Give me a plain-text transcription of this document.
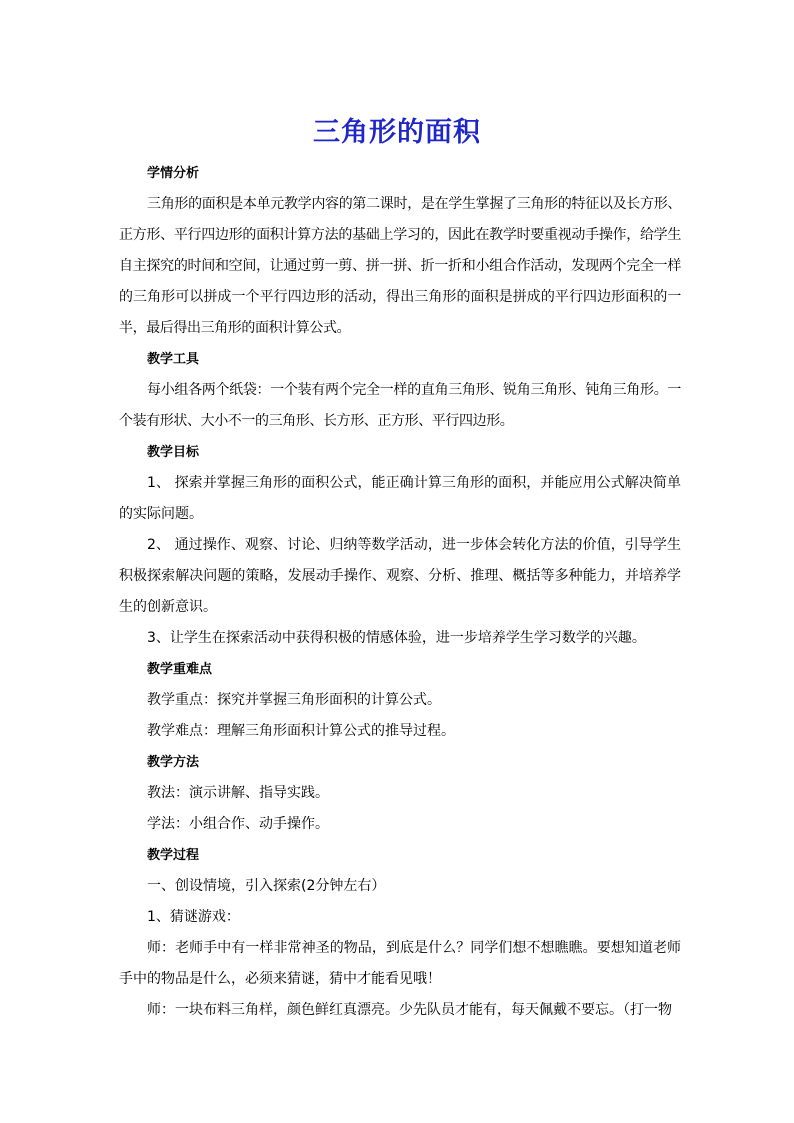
三角形的面积

学情分析

三角形的面积是本单元教学内容的第二课时，是在学生掌握了三角形的特征以及长方形、正方形、平行四边形的面积计算方法的基础上学习的，因此在教学时要重视动手操作，给学生自主探究的时间和空间，让通过剪一剪、拼一拼、折一折和小组合作活动，发现两个完全一样的三角形可以拼成一个平行四边形的活动，得出三角形的面积是拼成的平行四边形面积的一半，最后得出三角形的面积计算公式。

教学工具

每小组各两个纸袋：一个装有两个完全一样的直角三角形、锐角三角形、钝角三角形。一个装有形状、大小不一的三角形、长方形、正方形、平行四边形。

教学目标

1、 探索并掌握三角形的面积公式，能正确计算三角形的面积，并能应用公式解决简单的实际问题。

2、 通过操作、观察、讨论、归纳等数学活动，进一步体会转化方法的价值，引导学生积极探索解决问题的策略，发展动手操作、观察、分析、推理、概括等多种能力，并培养学生的创新意识。

3、让学生在探索活动中获得积极的情感体验，进一步培养学生学习数学的兴趣。

教学重难点

教学重点：探究并掌握三角形面积的计算公式。

教学难点：理解三角形面积计算公式的推导过程。

教学方法

教法：演示讲解、指导实践。

学法：小组合作、动手操作。

教学过程

一、创设情境，引入探索(2分钟左右）

1、猜谜游戏：

师：老师手中有一样非常神圣的物品，到底是什么？同学们想不想瞧瞧。要想知道老师手中的物品是什么，必须来猜谜，猜中才能看见哦！

师：一块布料三角样，颜色鲜红真漂亮。少先队员才能有，每天佩戴不要忘。（打一物
